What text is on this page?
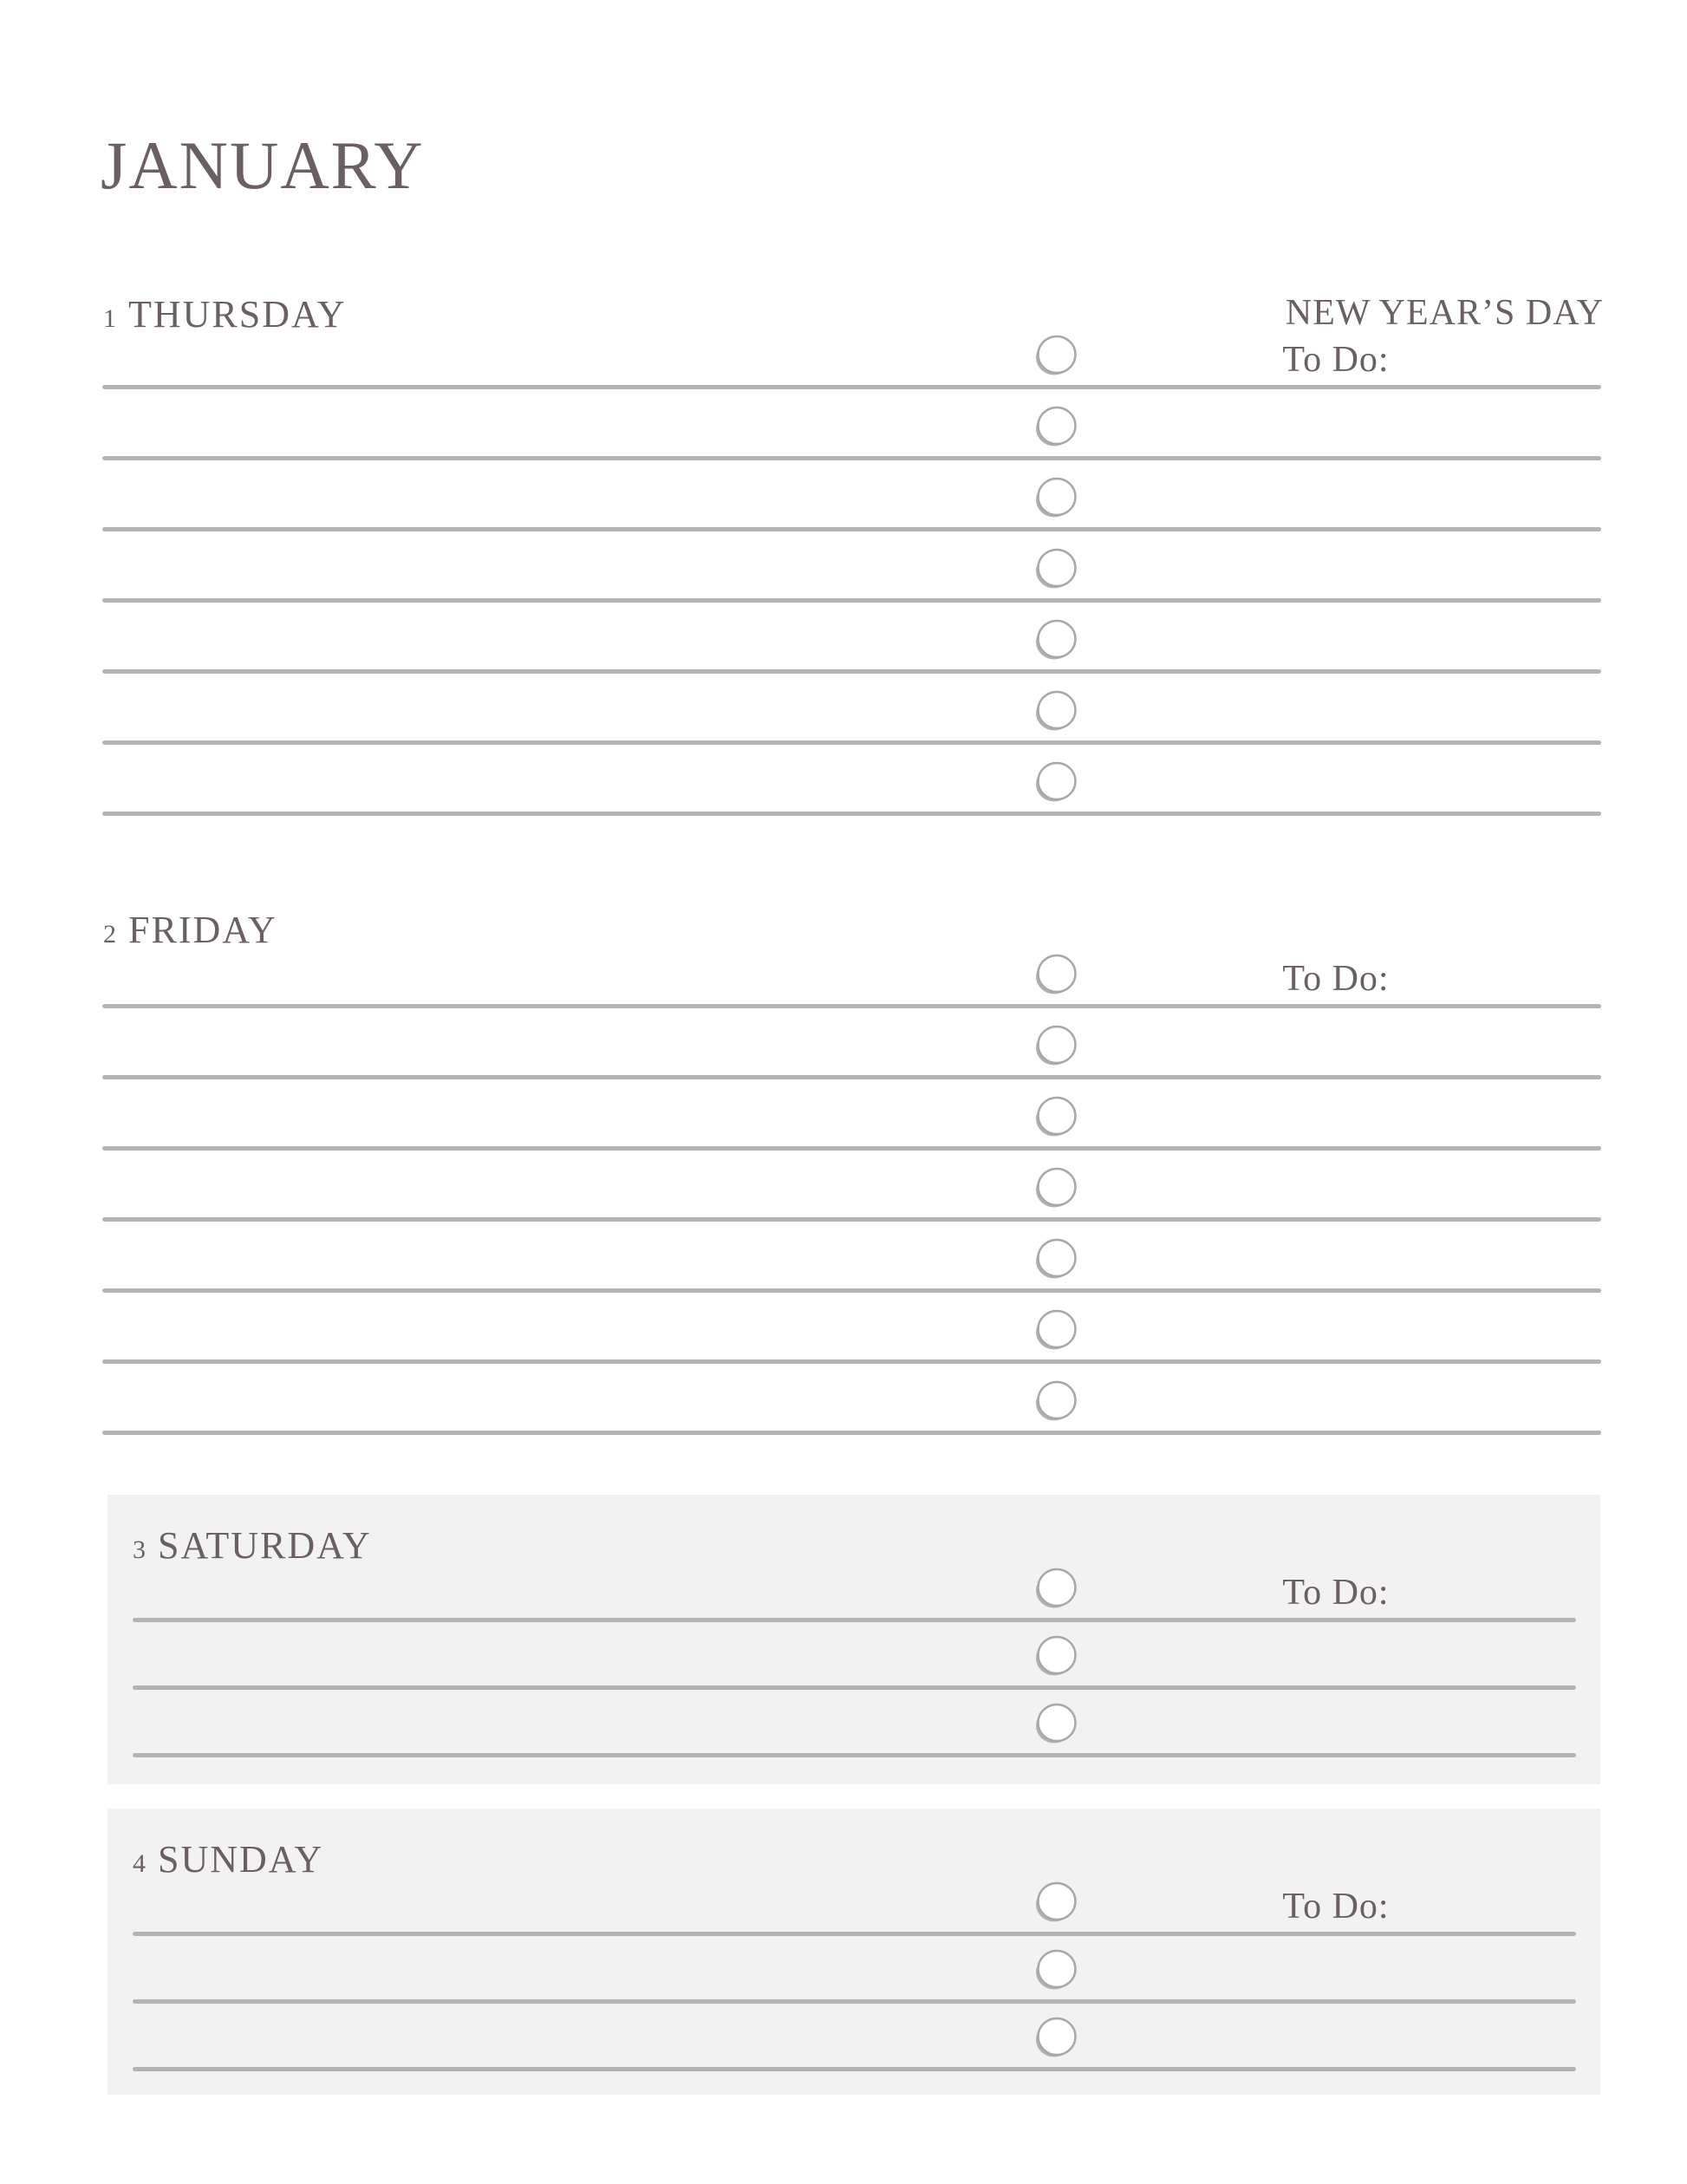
JANUARY
1 THURSDAY	NEW YEAR’S DAY
To Do:
2 FRIDAY
To Do:
3 SATURDAY
To Do:
4 SUNDAY
To Do:
